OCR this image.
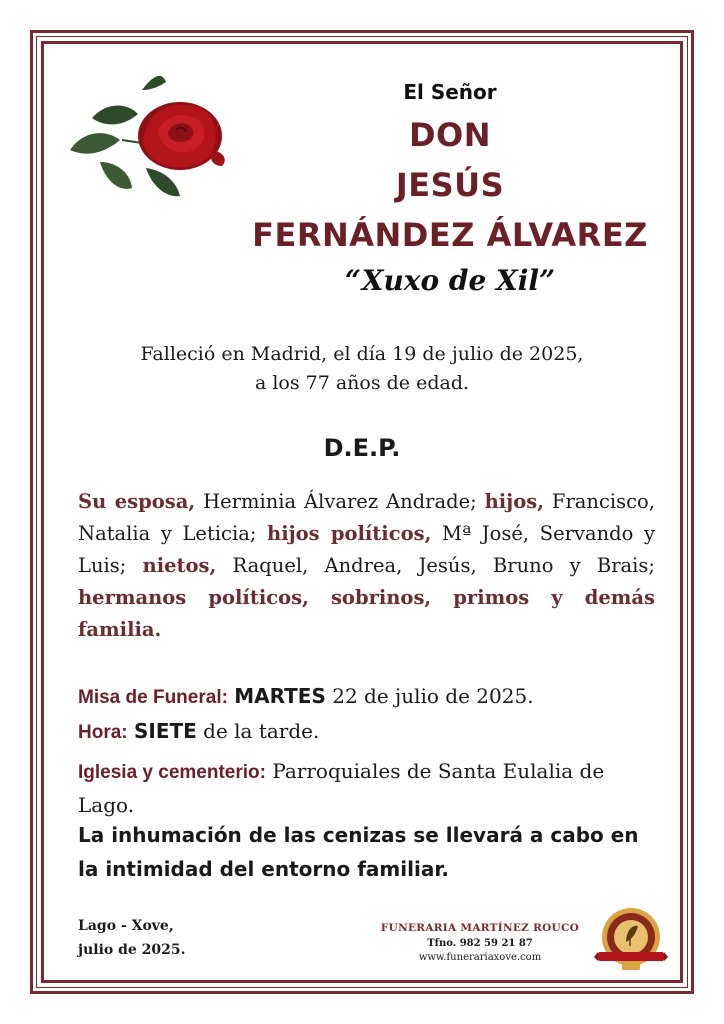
El Señor
DON
JESÚS
FERNÁNDEZ ÁLVAREZ
“Xuxo de Xil”
Falleció en Madrid, el día 19 de julio de 2025,
a los 77 años de edad.
D.E.P.
Su esposa, Herminia Álvarez Andrade; hijos, Francisco, Natalia y Leticia; hijos políticos, Mª José, Servando y Luis; nietos, Raquel, Andrea, Jesús, Bruno y Brais; hermanos políticos, sobrinos, primos y demás familia.
Misa de Funeral: MARTES 22 de julio de 2025.
Hora: SIETE de la tarde.
Iglesia y cementerio: Parroquiales de Santa Eulalia de Lago.
La inhumación de las cenizas se llevará a cabo en la intimidad del entorno familiar.
Lago - Xove,
julio de 2025.
FUNERARIA MARTÍNEZ ROUCO
Tfno. 982 59 21 87
www.funerariaxove.com
